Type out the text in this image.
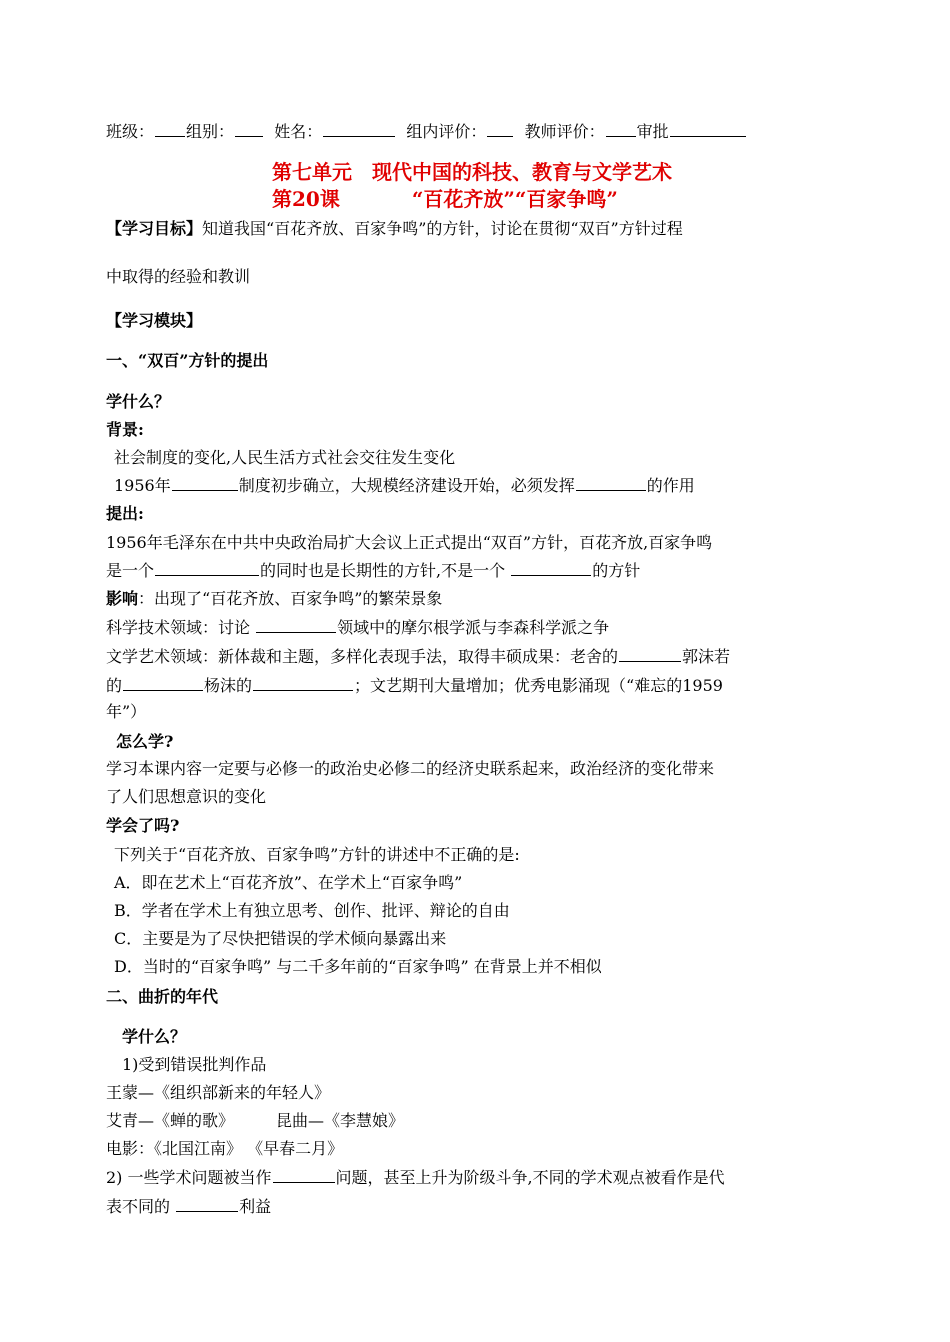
班级： 组别：	姓名：	组内评价： 教师评价： 审批
第七单元　现代中国的科技、教育与文学艺术
第20课	“百花齐放”“百家争鸣”
【学习目标】知道我国“百花齐放、百家争鸣”的方针，讨论在贯彻“双百”方针过程
中取得的经验和教训
【学习模块】
一、“双百”方针的提出
学什么？
背景:
社会制度的变化,人民生活方式社会交往发生变化
1956年	制度初步确立，大规模经济建设开始，必须发挥	的作用
提出:
1956年毛泽东在中共中央政治局扩大会议上正式提出“双百”方针，百花齐放,百家争鸣
是一个	的同时也是长期性的方针,不是一个	的方针
影响：出现了“百花齐放、百家争鸣”的繁荣景象
科学技术领域：讨论	领域中的摩尔根学派与李森科学派之争
文学艺术领域：新体裁和主题，多样化表现手法，取得丰硕成果：老舍的	郭沫若
的	杨沫的	；文艺期刊大量增加；优秀电影涌现（“难忘的1959
年”）
怎么学?
学习本课内容一定要与必修一的政治史必修二的经济史联系起来，政治经济的变化带来
了人们思想意识的变化
学会了吗?
下列关于“百花齐放、百家争鸣”方针的讲述中不正确的是:
A．即在艺术上“百花齐放”、在学术上“百家争鸣”
B．学者在学术上有独立思考、创作、批评、辩论的自由
C．主要是为了尽快把错误的学术倾向暴露出来
D．当时的“百家争鸣” 与二千多年前的“百家争鸣” 在背景上并不相似
二、曲折的年代
学什么？
1)受到错误批判作品
王蒙—《组织部新来的年轻人》
艾青—《蝉的歌》	昆曲—《李慧娘》
电影：《北国江南》 《早春二月》
2) 一些学术问题被当作	问题，甚至上升为阶级斗争,不同的学术观点被看作是代
表不同的	利益
